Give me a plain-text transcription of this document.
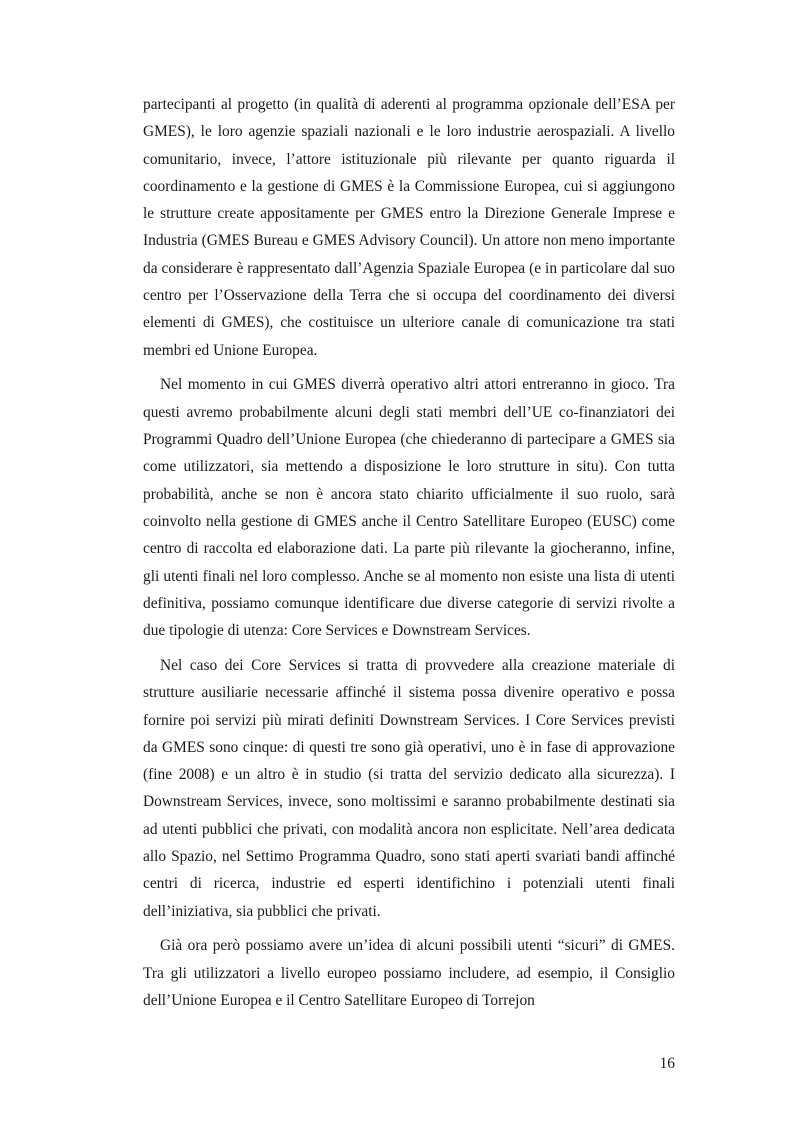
partecipanti al progetto (in qualità di aderenti al programma opzionale dell’ESA per GMES), le loro agenzie spaziali nazionali e le loro industrie aerospaziali. A livello comunitario, invece, l’attore istituzionale più rilevante per quanto riguarda il coordinamento e la gestione di GMES è la Commissione Europea, cui si aggiungono le strutture create appositamente per GMES entro la Direzione Generale Imprese e Industria (GMES Bureau e GMES Advisory Council). Un attore non meno importante da considerare è rappresentato dall’Agenzia Spaziale Europea (e in particolare dal suo centro per l’Osservazione della Terra che si occupa del coordinamento dei diversi elementi di GMES), che costituisce un ulteriore canale di comunicazione tra stati membri ed Unione Europea.

Nel momento in cui GMES diverrà operativo altri attori entreranno in gioco. Tra questi avremo probabilmente alcuni degli stati membri dell’UE co-finanziatori dei Programmi Quadro dell’Unione Europea (che chiederanno di partecipare a GMES sia come utilizzatori, sia mettendo a disposizione le loro strutture in situ). Con tutta probabilità, anche se non è ancora stato chiarito ufficialmente il suo ruolo, sarà coinvolto nella gestione di GMES anche il Centro Satellitare Europeo (EUSC) come centro di raccolta ed elaborazione dati. La parte più rilevante la giocheranno, infine, gli utenti finali nel loro complesso. Anche se al momento non esiste una lista di utenti definitiva, possiamo comunque identificare due diverse categorie di servizi rivolte a due tipologie di utenza: Core Services e Downstream Services.

Nel caso dei Core Services si tratta di provvedere alla creazione materiale di strutture ausiliarie necessarie affinché il sistema possa divenire operativo e possa fornire poi servizi più mirati definiti Downstream Services. I Core Services previsti da GMES sono cinque: di questi tre sono già operativi, uno è in fase di approvazione (fine 2008) e un altro è in studio (si tratta del servizio dedicato alla sicurezza). I Downstream Services, invece, sono moltissimi e saranno probabilmente destinati sia ad utenti pubblici che privati, con modalità ancora non esplicitate. Nell’area dedicata allo Spazio, nel Settimo Programma Quadro, sono stati aperti svariati bandi affinché centri di ricerca, industrie ed esperti identifichino i potenziali utenti finali dell’iniziativa, sia pubblici che privati.

Già ora però possiamo avere un’idea di alcuni possibili utenti “sicuri” di GMES. Tra gli utilizzatori a livello europeo possiamo includere, ad esempio, il Consiglio dell’Unione Europea e il Centro Satellitare Europeo di Torrejon

16
